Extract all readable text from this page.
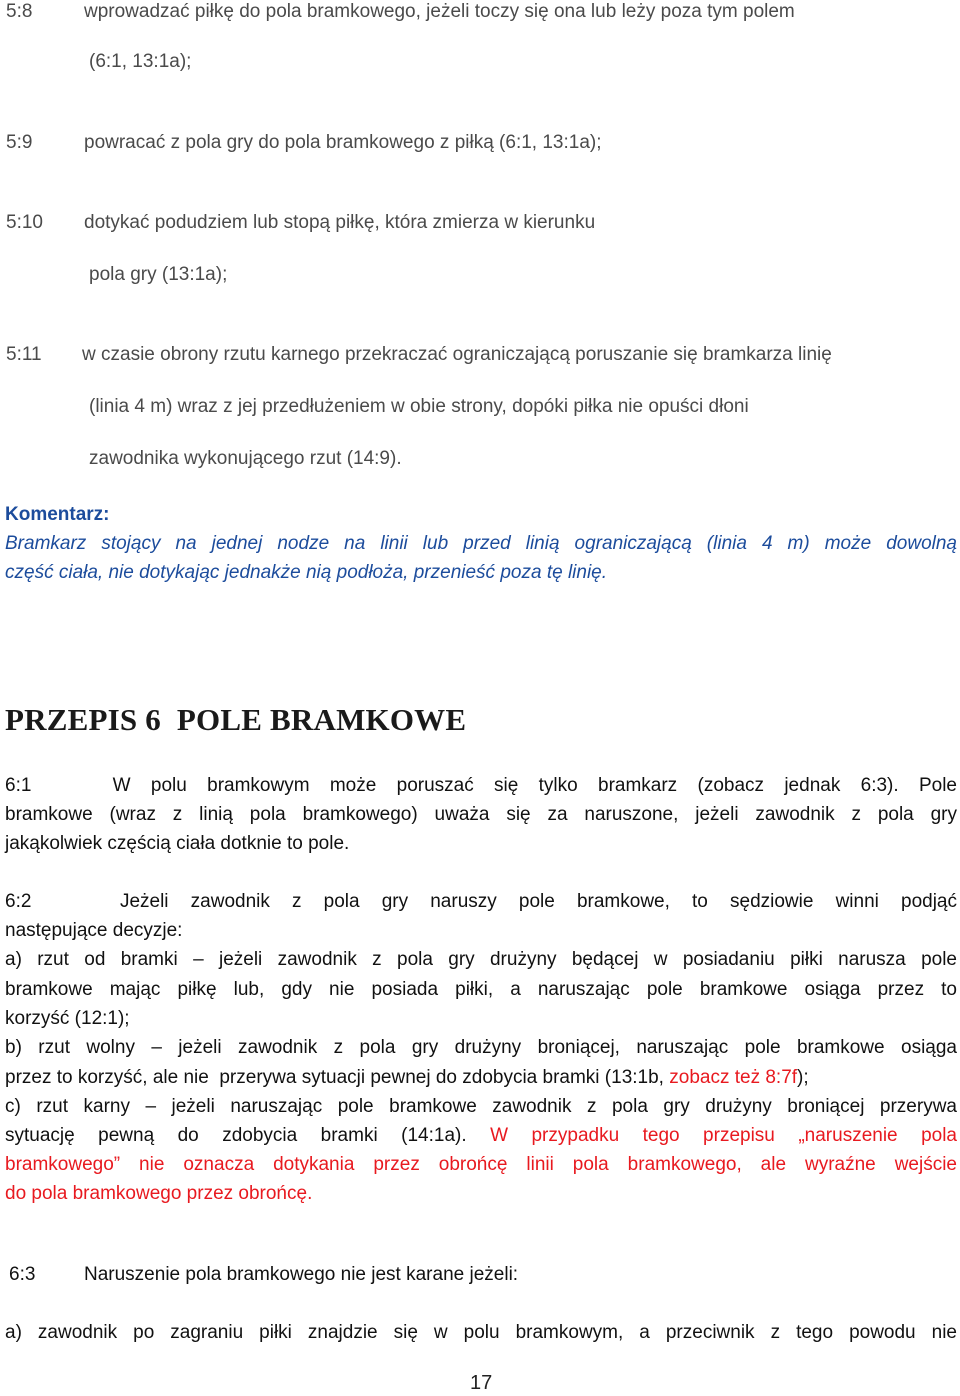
5:8	wprowadzać piłkę do pola bramkowego, jeżeli toczy się ona lub leży poza tym polem
(6:1, 13:1a);
5:9	powracać z pola gry do pola bramkowego z piłką (6:1, 13:1a);
5:10 dotykać podudziem lub stopą piłkę, która zmierza w kierunku
pola gry (13:1a);
5:11 w czasie obrony rzutu karnego przekraczać ograniczającą poruszanie się bramkarza linię
(linia 4 m) wraz z jej przedłużeniem w obie strony, dopóki piłka nie opuści dłoni
zawodnika wykonującego rzut (14:9).
Komentarz:
Bramkarz stojący na jednej nodze na linii lub przed linią ograniczającą (linia 4 m) może dowolną
część ciała, nie dotykając jednakże nią podłoża, przenieść poza tę linię.
PRZEPIS 6  POLE BRAMKOWE
6:1    W polu bramkowym może poruszać się tylko bramkarz (zobacz jednak 6:3). Pole
bramkowe (wraz z linią pola bramkowego) uważa się za naruszone, jeżeli zawodnik z pola gry
jakąkolwiek częścią ciała dotknie to pole.
6:2    Jeżeli zawodnik z pola gry naruszy pole bramkowe, to sędziowie winni podjąć
następujące decyzje:
a) rzut od bramki – jeżeli zawodnik z pola gry drużyny będącej w posiadaniu piłki narusza pole
bramkowe mając piłkę lub, gdy nie posiada piłki, a naruszając pole bramkowe osiąga przez to
korzyść (12:1);
b) rzut wolny – jeżeli zawodnik z pola gry drużyny broniącej, naruszając pole bramkowe osiąga
przez to korzyść, ale nie  przerywa sytuacji pewnej do zdobycia bramki (13:1b, zobacz też 8:7f);
c) rzut karny – jeżeli naruszając pole bramkowe zawodnik z pola gry drużyny broniącej przerywa
sytuację pewną do zdobycia bramki (14:1a). W przypadku tego przepisu „naruszenie pola
bramkowego” nie oznacza dotykania przez obrońcę linii pola bramkowego, ale wyraźne wejście
do pola bramkowego przez obrońcę.
6:3	Naruszenie pola bramkowego nie jest karane jeżeli:
a) zawodnik po zagraniu piłki znajdzie się w polu bramkowym, a przeciwnik z tego powodu nie
17
